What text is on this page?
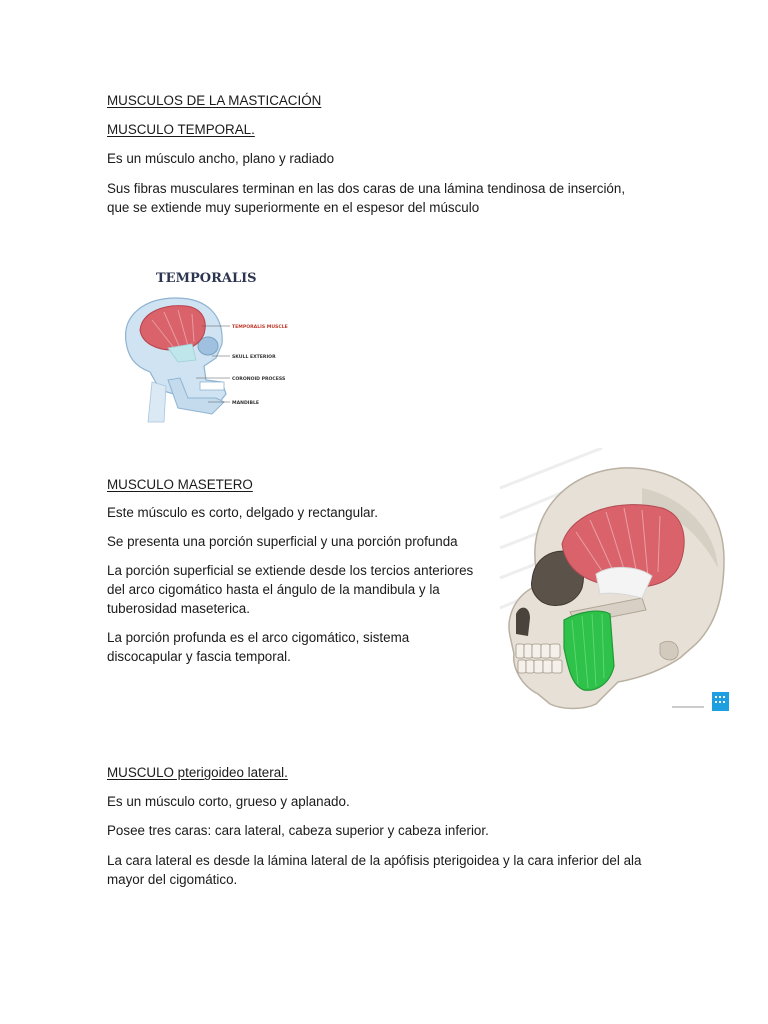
MUSCULOS DE LA MASTICACIÓN

MUSCULO TEMPORAL.

Es un músculo ancho, plano y radiado

Sus fibras musculares terminan en las dos caras de una lámina tendinosa de inserción, que se extiende muy superiormente en el espesor del músculo

TEMPORALIS
TEMPORALIS MUSCLE
SKULL EXTERIOR
CORONOID PROCESS
MANDIBLE

MUSCULO MASETERO

Este músculo es corto, delgado y rectangular.

Se presenta una porción superficial y una porción profunda

La porción superficial se extiende desde los tercios anteriores del arco cigomático hasta el ángulo de la mandibula y la tuberosidad maseterica.

La porción profunda es el arco cigomático, sistema discocapular y fascia temporal.

MUSCULO pterigoideo lateral.

Es un músculo corto, grueso y aplanado.

Posee tres caras: cara lateral, cabeza superior y cabeza inferior.

La cara lateral es desde la lámina lateral de la apófisis pterigoidea y la cara inferior del ala mayor del cigomático.
